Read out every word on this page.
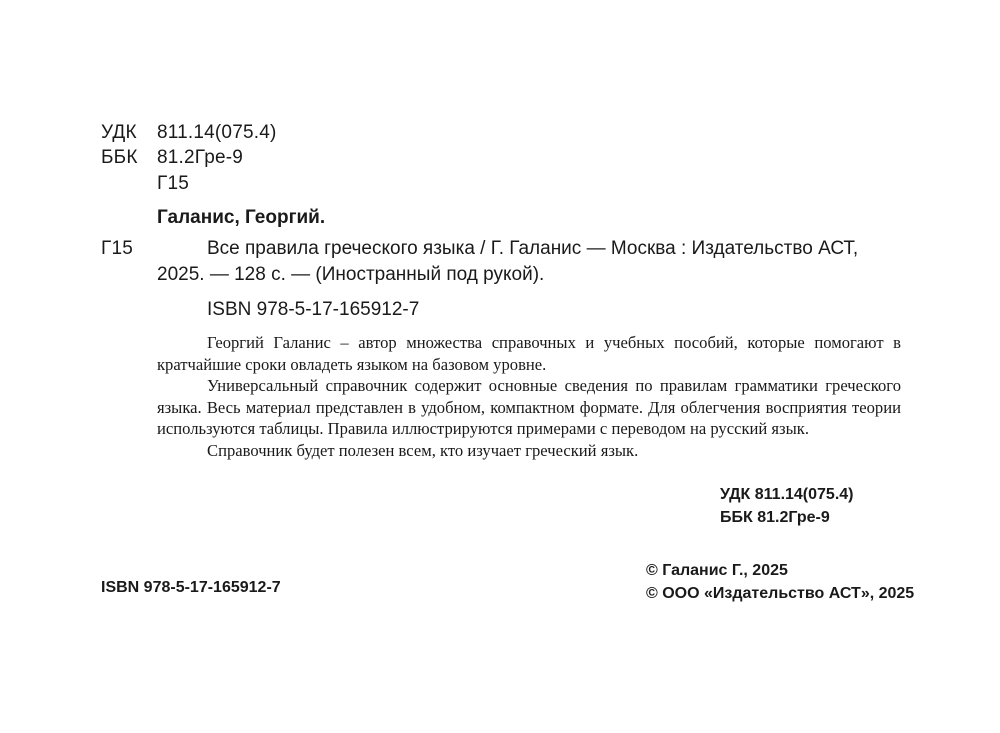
УДК 811.14(075.4)
ББК 81.2Гре-9
Г15
Галанис, Георгий.
Г15	Все правила греческого языка / Г. Галанис — Москва : Издательство АСТ,
2025. — 128 с. — (Иностранный под рукой).
ISBN 978-5-17-165912-7

Георгий Галанис – автор множества справочных и учебных пособий, которые помогают в кратчайшие сроки овладеть языком на базовом уровне.

Универсальный справочник содержит основные сведения по правилам грамматики греческого языка. Весь материал представлен в удобном, компактном формате. Для облегчения восприятия теории используются таблицы. Правила иллюстрируются примерами с переводом на русский язык.

Справочник будет полезен всем, кто изучает греческий язык.

УДК 811.14(075.4)
ББК 81.2Гре-9
ISBN 978-5-17-165912-7
© Галанис Г., 2025
© ООО «Издательство АСТ», 2025
